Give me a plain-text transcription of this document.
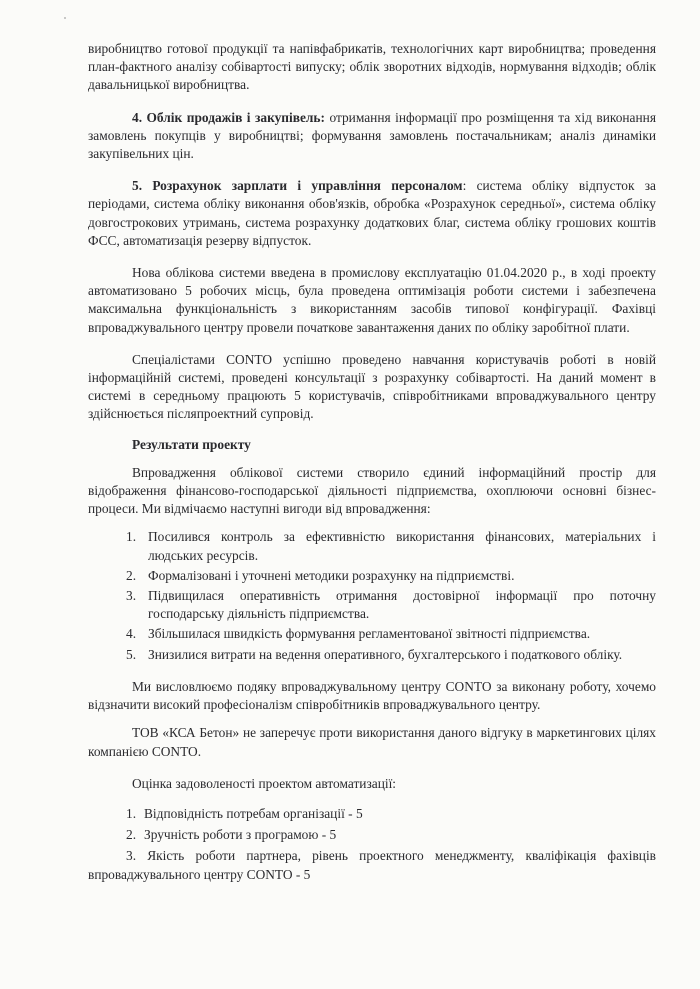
виробництво готової продукції та напівфабрикатів, технологічних карт виробництва; проведення план-фактного аналізу собівартості випуску; облік зворотних відходів, нормування відходів; облік давальницької виробництва.

4. Облік продажів і закупівель: отримання інформації про розміщення та хід виконання замовлень покупців у виробництві; формування замовлень постачальникам; аналіз динаміки закупівельних цін.

5. Розрахунок зарплати і управління персоналом: система обліку відпусток за періодами, система обліку виконання обов'язків, обробка «Розрахунок середньої», система обліку довгострокових утримань, система розрахунку додаткових благ, система обліку грошових коштів ФСС, автоматизація резерву відпусток.

Нова облікова системи введена в промислову експлуатацію 01.04.2020 р., в ході проекту автоматизовано 5 робочих місць, була проведена оптимізація роботи системи і забезпечена максимальна функціональність з використанням засобів типової конфігурації. Фахівці впроваджувального центру провели початкове завантаження даних по обліку заробітної плати.

Спеціалістами CONTO успішно проведено навчання користувачів роботі в новій інформаційній системі, проведені консультації з розрахунку собівартості. На даний момент в системі в середньому працюють 5 користувачів, співробітниками впроваджувального центру здійснюється післяпроектний супровід.

Результати проекту

Впровадження облікової системи створило єдиний інформаційний простір для відображення фінансово-господарської діяльності підприємства, охоплюючи основні бізнес-процеси. Ми відмічаємо наступні вигоди від впровадження:

1. Посилився контроль за ефективністю використання фінансових, матеріальних і людських ресурсів.
2. Формалізовані і уточнені методики розрахунку на підприємстві.
3. Підвищилася оперативність отримання достовірної інформації про поточну господарську діяльність підприємства.
4. Збільшилася швидкість формування регламентованої звітності підприємства.
5. Знизилися витрати на ведення оперативного, бухгалтерського і податкового обліку.

Ми висловлюємо подяку впроваджувальному центру CONTO за виконану роботу, хочемо відзначити високий професіоналізм співробітників впроваджувального центру.

ТОВ «КСА Бетон» не заперечує проти використання даного відгуку в маркетингових цілях компанією CONTO.

Оцінка задоволеності проектом автоматизації:

1. Відповідність потребам організації - 5
2. Зручність роботи з програмою - 5

3. Якість роботи партнера, рівень проектного менеджменту, кваліфікація фахівців впроваджувального центру CONTO - 5
